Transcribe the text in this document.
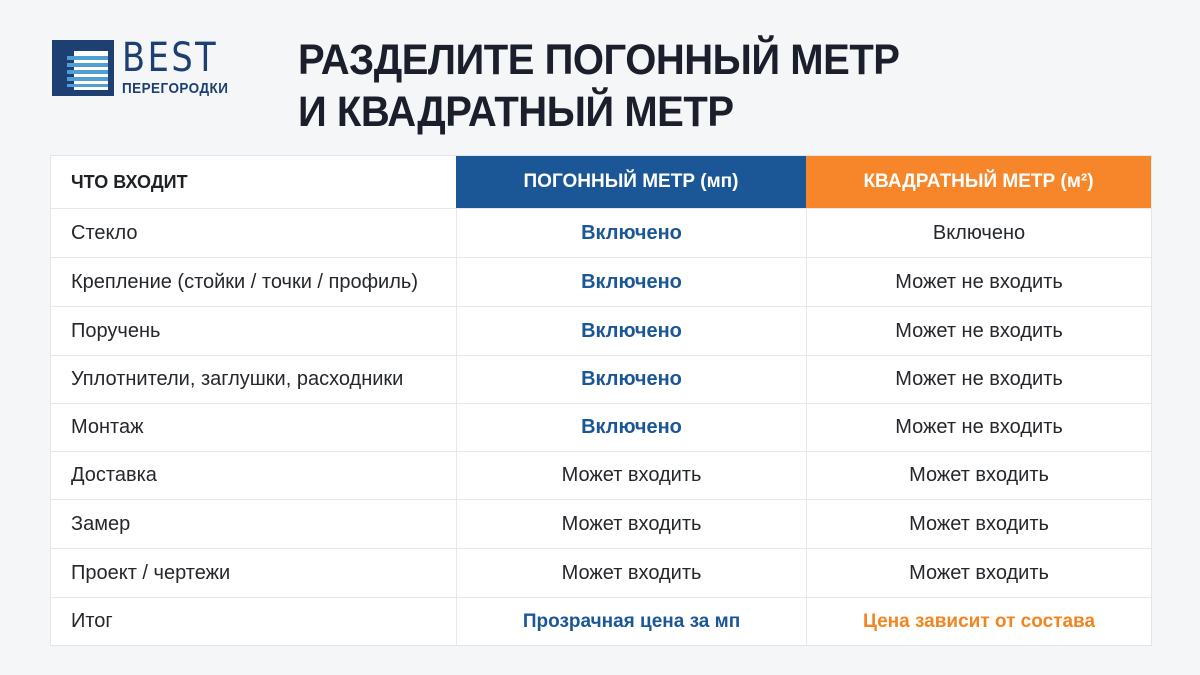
BEST
ПЕРЕГОРОДКИ
РАЗДЕЛИТЕ ПОГОННЫЙ МЕТР
И КВАДРАТНЫЙ МЕТР
ЧТО ВХОДИТ	ПОГОННЫЙ МЕТР (мп)	КВАДРАТНЫЙ МЕТР (м²)
Стекло	Включено	Включено
Крепление (стойки / точки / профиль)	Включено	Может не входить
Поручень	Включено	Может не входить
Уплотнители, заглушки, расходники	Включено	Может не входить
Монтаж	Включено	Может не входить
Доставка	Может входить	Может входить
Замер	Может входить	Может входить
Проект / чертежи	Может входить	Может входить
Итог	Прозрачная цена за мп	Цена зависит от состава
